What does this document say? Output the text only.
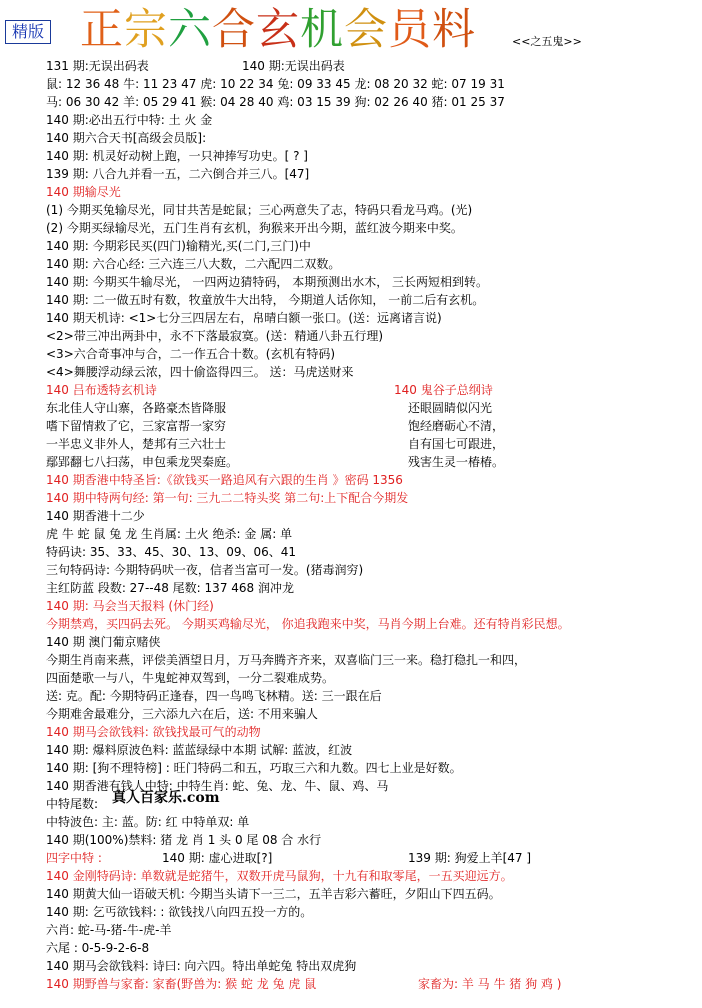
精版 正宗六合玄机会员料	<<之五鬼>>
131 期:无误出码表	140 期:无误出码表
鼠: 12 36 48 牛: 11 23 47 虎: 10 22 34 兔: 09 33 45 龙: 08 20 32 蛇: 07 19 31
马: 06 30 42 羊: 05 29 41 猴: 04 28 40 鸡: 03 15 39 狗: 02 26 40 猪: 01 25 37
140 期:必出五行中特: 土 火 金
140 期六合天书[高级会员版]:
140 期: 机灵好动树上跑，一只神捧写功史。[ ? ]
139 期: 八合九并看一五，二六倒合并三八。[47]
140 期输尽光
(1) 今期买兔输尽光，同甘共苦是蛇鼠；三心两意失了志，特码只看龙马鸡。(光)
(2) 今期买绿输尽光，五门生肖有玄机，狗猴来开出今期，蓝红波今期来中奖。
140 期: 今期彩民买(四门)输精光,买(二门,三门)中
140 期: 六合心经: 三六连三八大数，二六配四二双数。
140 期: 今期买牛输尽光， 一四两边猜特码， 本期预测出水木， 三长两短相到转。
140 期: 二一做五时有数，牧童放牛大出特， 今期道人话你知， 一前二后有玄机。
140 期天机诗: <1>七分三四居左右，帛晴白额一张口。(送：远离诸言说)
<2>带三冲出两卦中，永不下落最寂寞。(送：精通八卦五行理)
<3>六合奇事冲与合，二一作五合十数。(玄机有特码)
<4>舞腰浮动绿云浓，四十偷盗得四三。 送：马虎送财来
140 吕布透特玄机诗	140 鬼谷子总纲诗
东北佳人守山寨，各路豪杰皆降服	还眼圆睛似闪光
嗜下留情救了它，三家富帮一家穷	饱经磨砺心不清，
一半忠义非外人，楚邦有三六壮士	自有国七可跟进，
鄢郢翻七八扫荡，申包乘龙哭秦庭。	残害生灵一椿椿。
140 期香港中特圣旨:《欲钱买一路追风有六跟的生肖 》密码 1356
140 期中特两句经: 第一句: 三九二二特头奖 第二句:上下配合今期发
140 期香港十二少
虎 牛 蛇 鼠 兔 龙 生肖属: 土火 绝杀: 金 属: 单
特码诀: 35、33、45、30、13、09、06、41
三句特码诗: 今期特码吠一夜，信者当富可一发。(猪毒润穷)
主红防蓝 段数: 27--48 尾数: 137 468 润冲龙
140 期: 马会当天报料 (休门经)
今期禁鸡，买四码去死。 今期买鸡输尽光， 你追我跑来中奖，马肖今期上台难。还有特肖彩民想。
140 期 澳门葡京赌侠
今期生肖南来燕，评偿美酒望日月，万马奔腾齐齐来，双喜临门三一来。稳打稳扎一和四，
四面楚歌一与八，牛鬼蛇神双驾到，一分二裂难成势。
送: 克。配: 今期特码正逢春，四一鸟鸣飞林精。送: 三一跟在后
今期难舍最难分，三六添九六在后，送: 不用来骗人
140 期马会欲钱料: 欲钱找最可气的动物
140 期: 爆料原波色料: 蓝蓝绿绿中本期 试解: 蓝波，红波
140 期: [狗不理特榜] : 旺门特码二和五，巧取三六和九数。四七上业是好数。
140 期香港有钱人中特: 中特生肖: 蛇、兔、龙、牛、鼠、鸡、马
中特尾数: 真人百家乐.com
中特波色: 主: 蓝。防: 红 中特单双: 单
140 期(100%)禁料: 猪 龙 肖 1 头 0 尾 08 合 水行
四字中特 :	140 期: 虚心进取[?]	139 期: 狗爱上羊[47 ]
140 金刚特码诗: 单数就是蛇猪牛，双数开虎马鼠狗，十九有和取零尾，一五买迎远方。
140 期黄大仙一语破天机: 今期当头请下一三二，五羊吉彩六蓄旺，夕阳山下四五码。
140 期: 乞丐欲钱料: : 欲钱找八向四五投一方的。
六肖: 蛇-马-猪-牛-虎-羊
六尾 : 0-5-9-2-6-8
140 期马会欲钱料: 诗曰: 向六四。特出单蛇兔 特出双虎狗
140 期野兽与家畜: 家畜(野兽为: 猴 蛇 龙 兔 虎 鼠	家畜为: 羊 马 牛 猪 狗 鸡 )
